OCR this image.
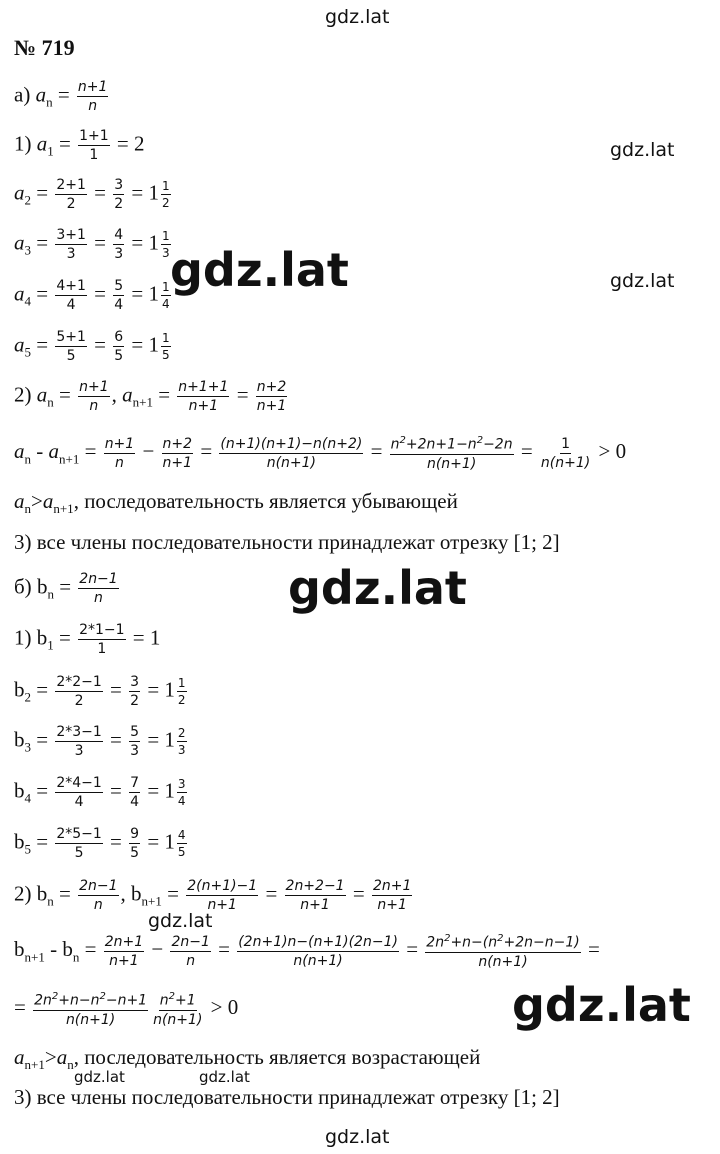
gdz.lat
gdz.lat
gdz.lat	gdz.lat
gdz.lat
gdz.lat
gdz.lat
gdz.lat	gdz.lat
gdz.lat
№ 719
а) $a_n = \frac{n+1}{n}$
1) $a_1 = \frac{1+1}{1} = 2$
$a_2 = \frac{2+1}{2} = \frac{3}{2} = 1 \frac{1}{2}$
$a_3 = \frac{3+1}{3} = \frac{4}{3} = 1 \frac{1}{3}$
$a_4 = \frac{4+1}{4} = \frac{5}{4} = 1 \frac{1}{4}$
$a_5 = \frac{5+1}{5} = \frac{6}{5} = 1 \frac{1}{5}$
2) $a_n = \frac{n+1}{n}$ , $a_{n+1} = \frac{n+1+1}{n+1} = \frac{n+2}{n+1}$
$a_n - a_{n+1} = \frac{n+1}{n} - \frac{n+2}{n+1} = \frac{(n+1)(n+1)-n(n+2)}{n(n+1)} = \frac{n^2+2n+1-n^2-2n}{n(n+1)} = \frac{1}{n(n+1)} > 0$
$a_n>a_{n+1}$, последовательность является убывающей
3) все члены последовательности принадлежат отрезку [1; 2]
б) $b_n = \frac{2n-1}{n}$
1) $b_1 = \frac{2*1-1}{1} = 1$
$b_2 = \frac{2*2-1}{2} = \frac{3}{2} = 1 \frac{1}{2}$
$b_3 = \frac{2*3-1}{3} = \frac{5}{3} = 1 \frac{2}{3}$
$b_4 = \frac{2*4-1}{4} = \frac{7}{4} = 1 \frac{3}{4}$
$b_5 = \frac{2*5-1}{5} = \frac{9}{5} = 1 \frac{4}{5}$
2) $b_n = \frac{2n-1}{n}$ , $b_{n+1} = \frac{2(n+1)-1}{n+1} = \frac{2n+2-1}{n+1} = \frac{2n+1}{n+1}$
$b_{n+1} - b_n = \frac{2n+1}{n+1} - \frac{2n-1}{n} = \frac{(2n+1)n-(n+1)(2n-1)}{n(n+1)} = \frac{2n^2+n-(n^2+2n-n-1)}{n(n+1)}$ =
= $\frac{2n^2+n-n^2-n+1}{n(n+1)} \frac{n^2+1}{n(n+1)} > 0$
$a_{n+1}>a_n$, последовательность является возрастающей
3) все члены последовательности принадлежат отрезку [1; 2]
